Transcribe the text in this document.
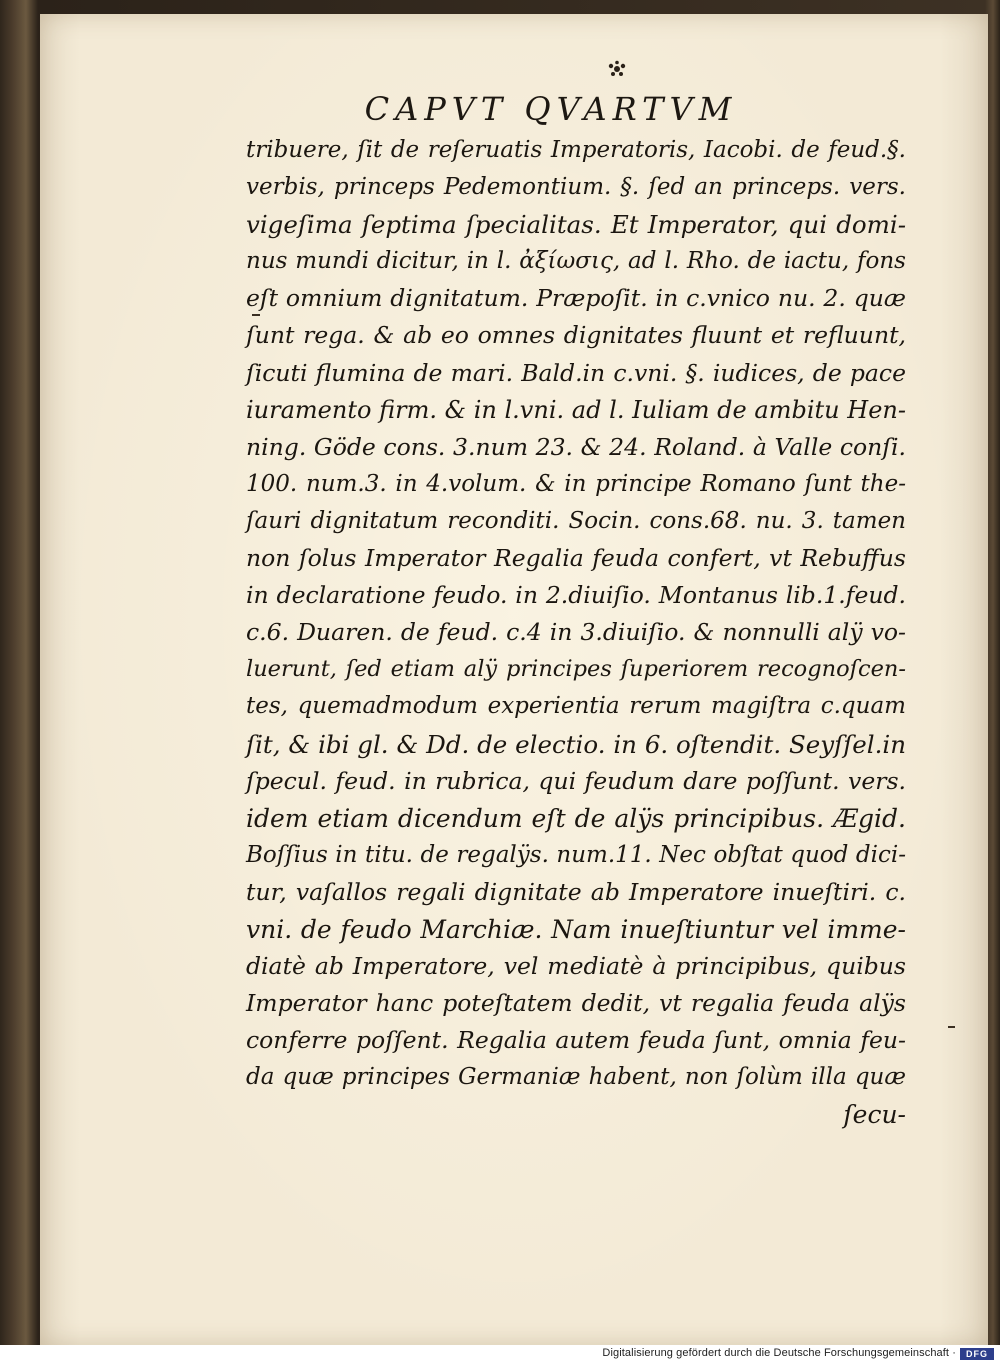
CAPVT QVARTVM
tribuere, ſit de reſeruatis Imperatoris, Iacobi. de feud.§.
verbis, princeps Pedemontium. §. ſed an princeps. vers.
vigeſima ſeptima ſpecialitas. Et Imperator, qui domi-
nus mundi dicitur, in l. ἀξίωσις, ad l. Rho. de iactu, fons
eſt omnium dignitatum. Præpoſit. in c.vnico nu. 2. quæ
ſunt rega. & ab eo omnes dignitates fluunt et refluunt,
ſicuti flumina de mari. Bald.in c.vni. §. iudices, de pace
iuramento firm. & in l.vni. ad l. Iuliam de ambitu Hen-
ning. Göde cons. 3.num 23. & 24. Roland. à Valle conſi.
100. num.3. in 4.volum. & in principe Romano ſunt the-
ſauri dignitatum reconditi. Socin. cons.68. nu. 3. tamen
non ſolus Imperator Regalia feuda confert, vt Rebuffus
in declaratione feudo. in 2.diuiſio. Montanus lib.1.feud.
c.6. Duaren. de feud. c.4 in 3.diuiſio. & nonnulli alÿ vo-
luerunt, ſed etiam alÿ principes ſuperiorem recognoſcen-
tes, quemadmodum experientia rerum magiſtra c.quam
ſit, & ibi gl. & Dd. de electio. in 6. oſtendit. Seyſſel.in
ſpecul. feud. in rubrica, qui feudum dare poſſunt. vers.
idem etiam dicendum eſt de alÿs principibus. Ægid.
Boſſius in titu. de regalÿs. num.11. Nec obſtat quod dici-
tur, vaſallos regali dignitate ab Imperatore inueſtiri. c.
vni. de feudo Marchiæ. Nam inueſtiuntur vel imme-
diatè ab Imperatore, vel mediatè à principibus, quibus
Imperator hanc poteſtatem dedit, vt regalia feuda alÿs
conferre poſſent. Regalia autem feuda ſunt, omnia feu-
da quæ principes Germaniæ habent, non ſolùm illa quæ
ſecu-
Digitalisierung gefördert durch die Deutsche Forschungsgemeinschaft ·	DFG
